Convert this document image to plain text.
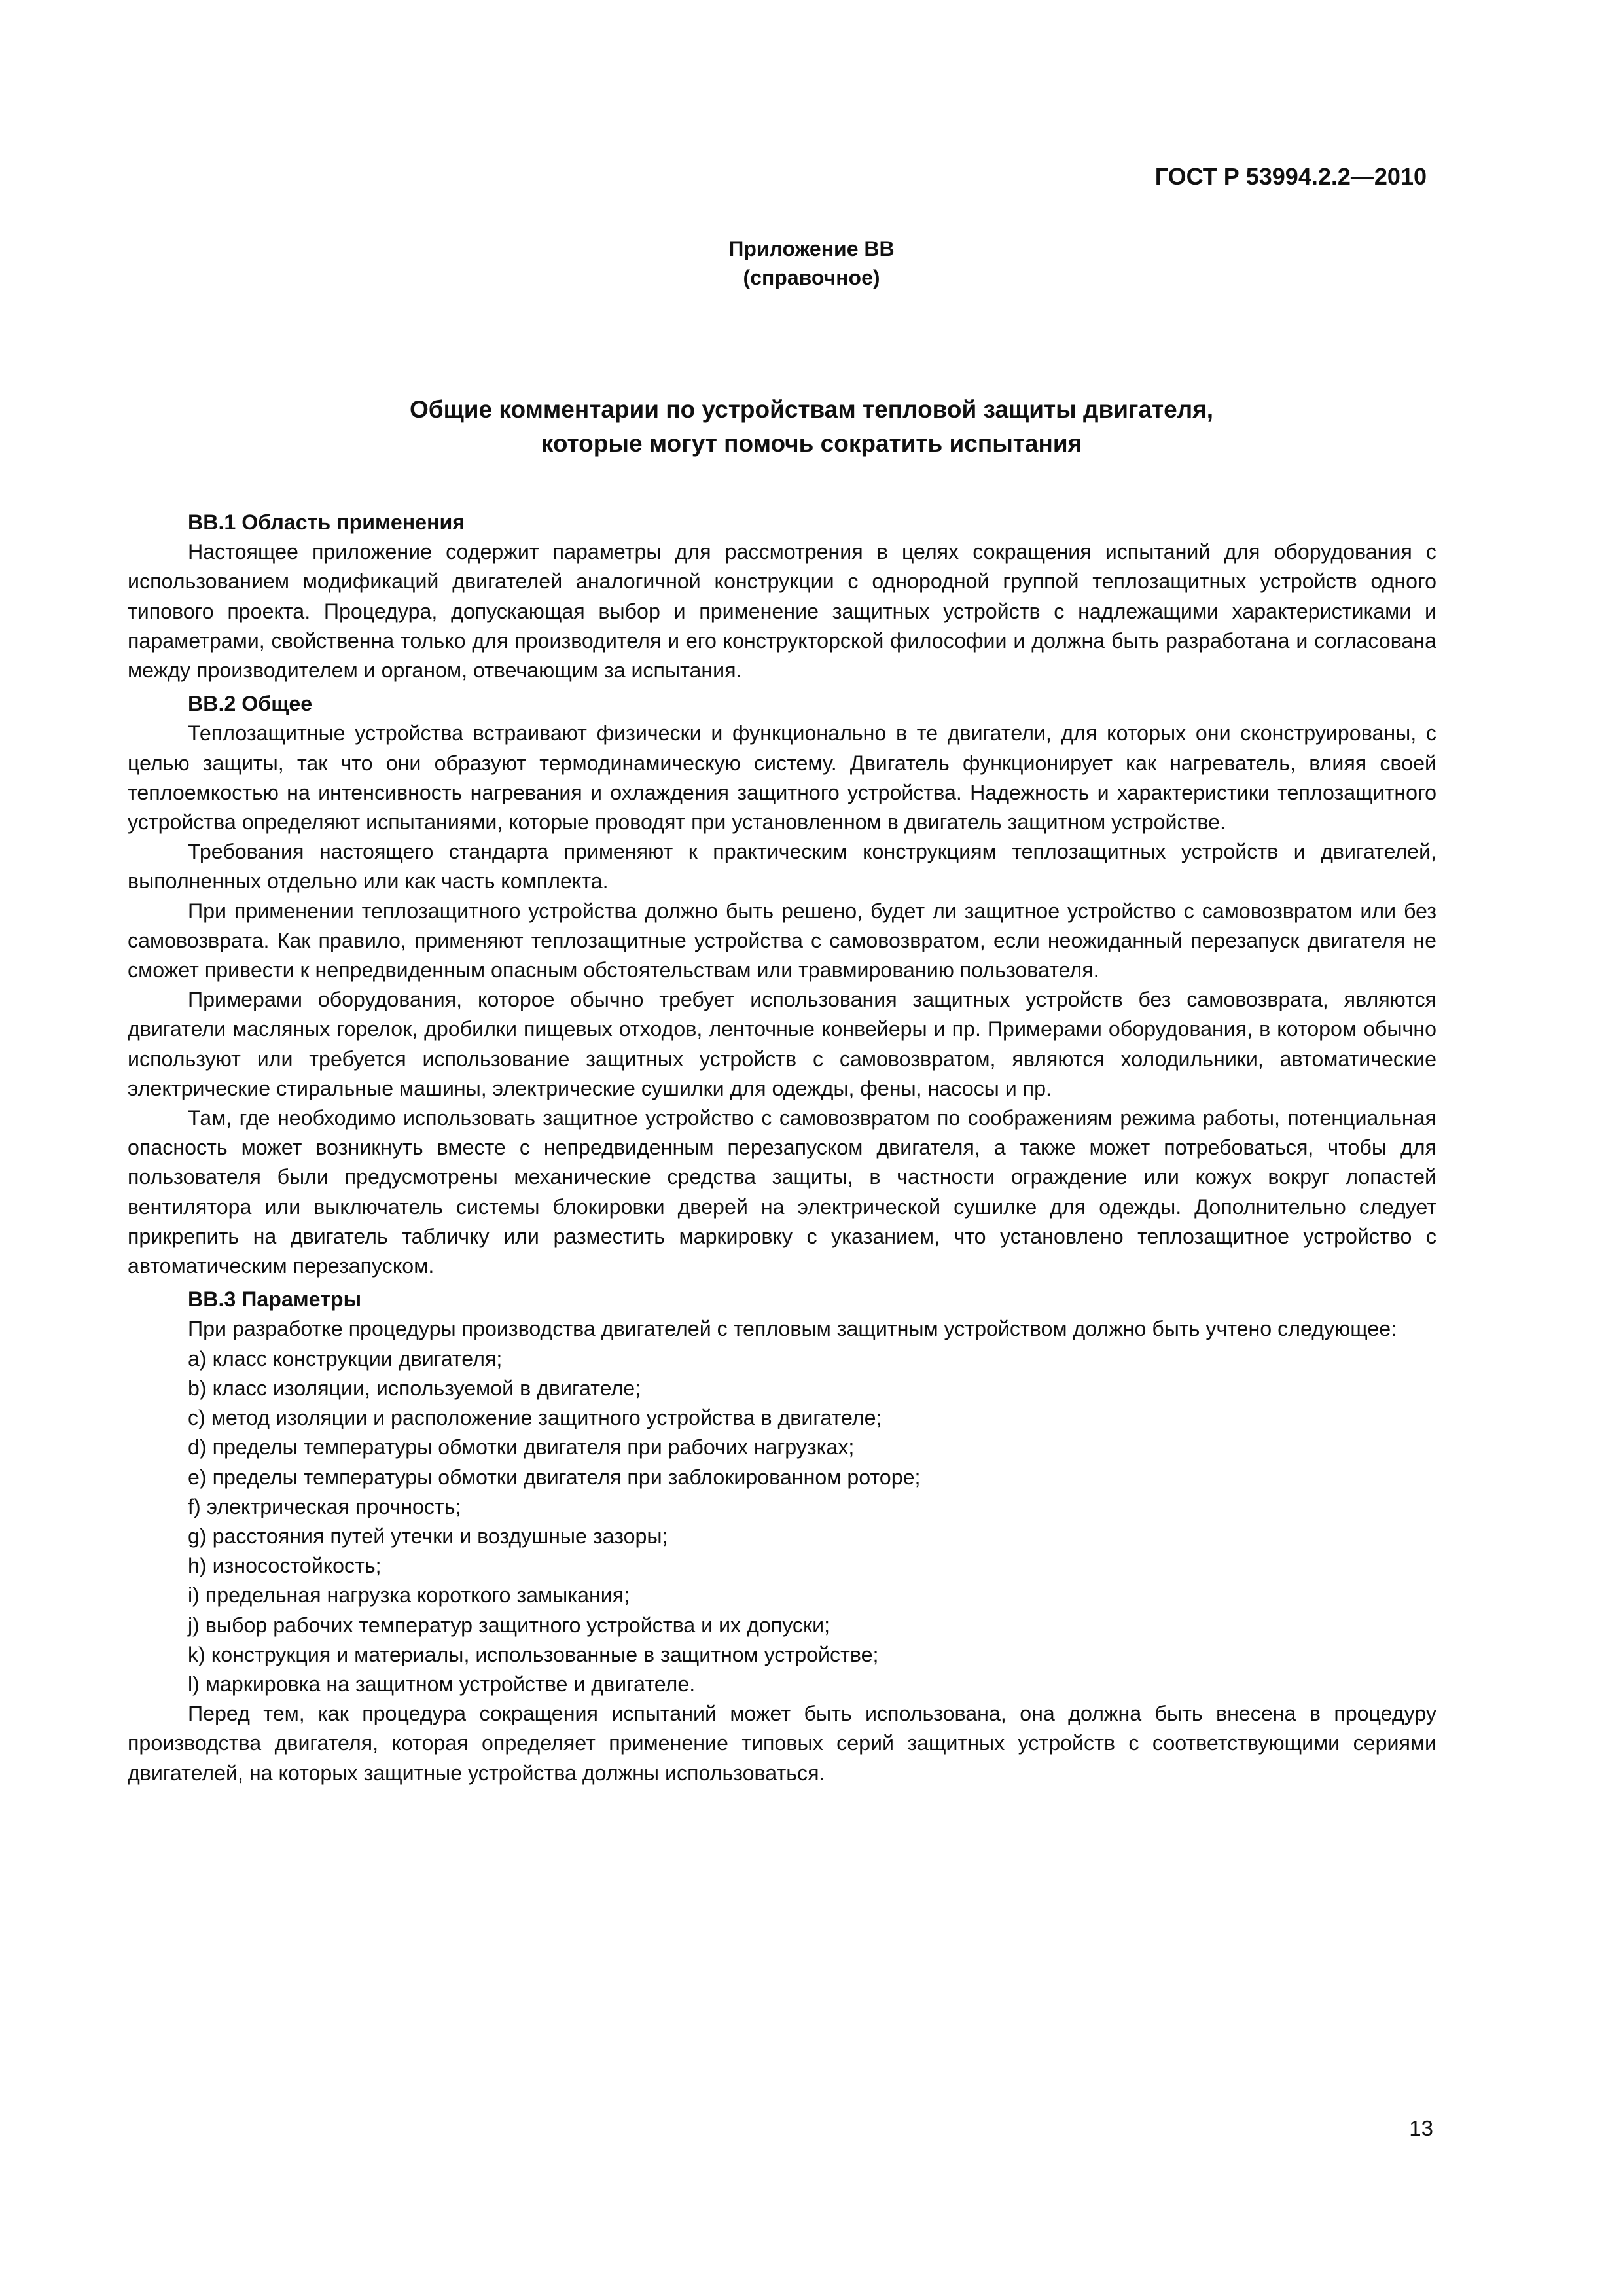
ГОСТ Р 53994.2.2—2010
Приложение ВВ
(справочное)
Общие комментарии по устройствам тепловой защиты двигателя,
которые могут помочь сократить испытания

ВВ.1 Область применения

Настоящее приложение содержит параметры для рассмотрения в целях сокращения испытаний для оборудования с использованием модификаций двигателей аналогичной конструкции с однородной группой теплозащитных устройств одного типового проекта. Процедура, допускающая выбор и применение защитных устройств с надлежащими характеристиками и параметрами, свойственна только для производителя и его конструкторской философии и должна быть разработана и согласована между производителем и органом, отвечающим за испытания.

ВВ.2 Общее

Теплозащитные устройства встраивают физически и функционально в те двигатели, для которых они сконструированы, с целью защиты, так что они образуют термодинамическую систему. Двигатель функционирует как нагреватель, влияя своей теплоемкостью на интенсивность нагревания и охлаждения защитного устройства. Надежность и характеристики теплозащитного устройства определяют испытаниями, которые проводят при установленном в двигатель защитном устройстве.

Требования настоящего стандарта применяют к практическим конструкциям теплозащитных устройств и двигателей, выполненных отдельно или как часть комплекта.

При применении теплозащитного устройства должно быть решено, будет ли защитное устройство с самовозвратом или без самовозврата. Как правило, применяют теплозащитные устройства с самовозвратом, если неожиданный перезапуск двигателя не сможет привести к непредвиденным опасным обстоятельствам или травмированию пользователя.

Примерами оборудования, которое обычно требует использования защитных устройств без самовозврата, являются двигатели масляных горелок, дробилки пищевых отходов, ленточные конвейеры и пр. Примерами оборудования, в котором обычно используют или требуется использование защитных устройств с самовозвратом, являются холодильники, автоматические электрические стиральные машины, электрические сушилки для одежды, фены, насосы и пр.

Там, где необходимо использовать защитное устройство с самовозвратом по соображениям режима работы, потенциальная опасность может возникнуть вместе с непредвиденным перезапуском двигателя, а также может потребоваться, чтобы для пользователя были предусмотрены механические средства защиты, в частности ограждение или кожух вокруг лопастей вентилятора или выключатель системы блокировки дверей на электрической сушилке для одежды. Дополнительно следует прикрепить на двигатель табличку или разместить маркировку с указанием, что установлено теплозащитное устройство с автоматическим перезапуском.

ВВ.3 Параметры

При разработке процедуры производства двигателей с тепловым защитным устройством должно быть учтено следующее:

a) класс конструкции двигателя;

b) класс изоляции, используемой в двигателе;

c) метод изоляции и расположение защитного устройства в двигателе;

d) пределы температуры обмотки двигателя при рабочих нагрузках;

e) пределы температуры обмотки двигателя при заблокированном роторе;

f) электрическая прочность;

g) расстояния путей утечки и воздушные зазоры;

h) износостойкость;

i) предельная нагрузка короткого замыкания;

j) выбор рабочих температур защитного устройства и их допуски;

k) конструкция и материалы, использованные в защитном устройстве;

l) маркировка на защитном устройстве и двигателе.

Перед тем, как процедура сокращения испытаний может быть использована, она должна быть внесена в процедуру производства двигателя, которая определяет применение типовых серий защитных устройств с соответствующими сериями двигателей, на которых защитные устройства должны использоваться.

13
